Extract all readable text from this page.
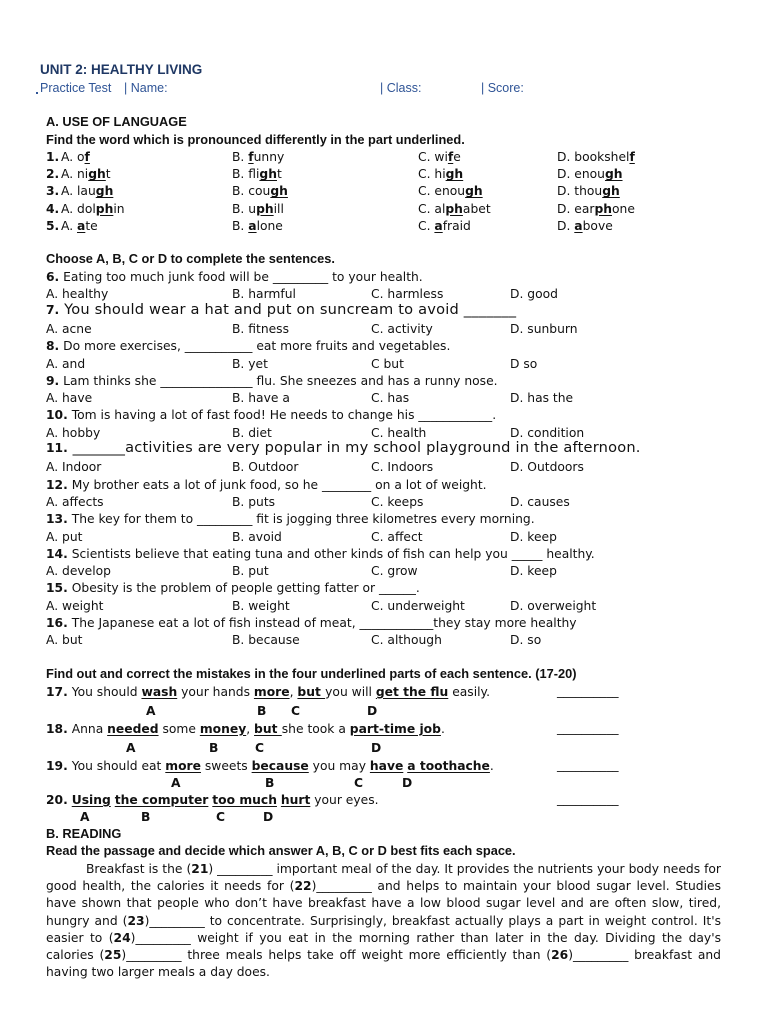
UNIT 2: HEALTHY LIVING
Practice Test | Name:	| Class:	| Score:
A. USE OF LANGUAGE
Find the word which is pronounced differently in the part underlined.
1. A. of	B. funny	C. wife	D. bookshelf
2. A. night	B. flight	C. high	D. enough
3. A. laugh	B. cough	C. enough	D. though
4. A. dolphin	B. uphill	C. alphabet	D. earphone
5. A. ate	B. alone	C. afraid	D. above
Choose A, B, C or D to complete the sentences.
6. Eating too much junk food will be _________ to your health.
A. healthy	B. harmful	C. harmless	D. good
7. You should wear a hat and put on suncream to avoid _______
A. acne	B. fitness	C. activity	D. sunburn
8. Do more exercises, ___________ eat more fruits and vegetables.
A. and	B. yet	C but	D so
9. Lam thinks she _______________ flu. She sneezes and has a runny nose.
A. have	B. have a	C. has	D. has the
10. Tom is having a lot of fast food! He needs to change his ____________.
A. hobby	B. diet	C. health	D. condition
11. _______activities are very popular in my school playground in the afternoon.
A. Indoor	B. Outdoor	C. Indoors	D. Outdoors
12. My brother eats a lot of junk food, so he ________ on a lot of weight.
A. affects	B. puts	C. keeps	D. causes
13. The key for them to _________ fit is jogging three kilometres every morning.
A. put	B. avoid	C. affect	D. keep
14. Scientists believe that eating tuna and other kinds of fish can help you _____ healthy.
A. develop	B. put	C. grow	D. keep
15. Obesity is the problem of people getting fatter or ______.
A. weight	B. weight	C. underweight	D. overweight
16. The Japanese eat a lot of fish instead of meat, ____________they stay more healthy
A. but	B. because	C. although	D. so
Find out and correct the mistakes in the four underlined parts of each sentence. (17-20)
17. You should wash your hands more, but you will get the flu easily.	__________
A	B C	D
18. Anna needed some money, but she took a part-time job.	__________
A	B	C	D
19. You should eat more sweets because you may have a toothache.	__________
A	B	C	D
20. Using the computer too much hurt your eyes.	__________
A	B	C	D
B. READING
Read the passage and decide which answer A, B, C or D best fits each space.

Breakfast is the (21) _________ important meal of the day. It provides the nutrients your body needs for good health, the calories it needs for (22)_________ and helps to maintain your blood sugar level. Studies have shown that people who don’t have breakfast have a low blood sugar level and are often slow, tired, hungry and (23)_________ to concentrate. Surprisingly, breakfast actually plays a part in weight control. It's easier to (24)_________ weight if you eat in the morning rather than later in the day. Dividing the day's calories (25)_________ three meals helps take off weight more efficiently than (26)_________ breakfast and having two larger meals a day does.
